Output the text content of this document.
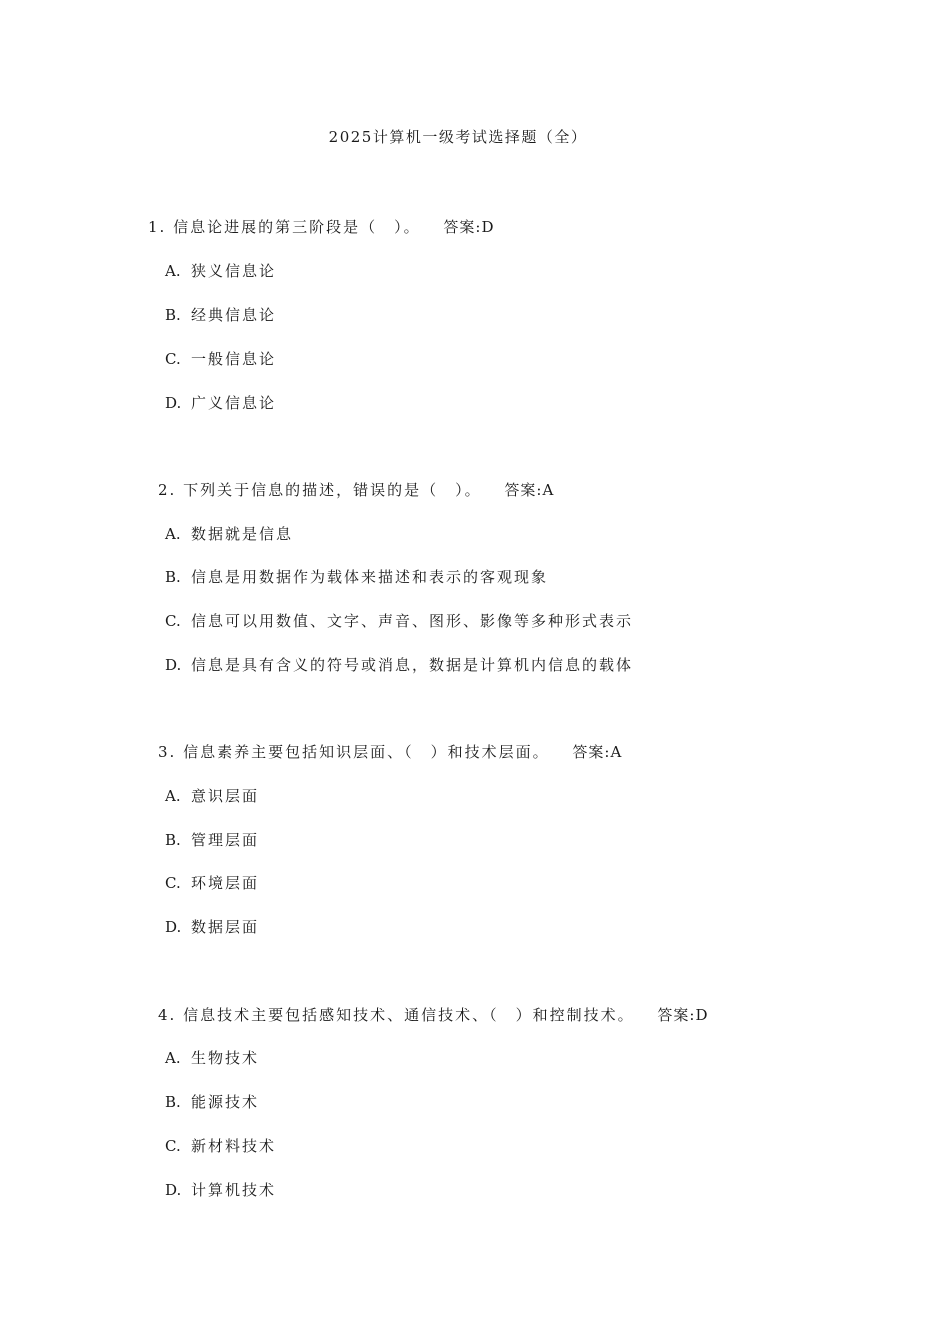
2025计算机一级考试选择题（全）
1. 信息论进展的第三阶段是（　）。 答案:D
A. 狭义信息论
B. 经典信息论
C. 一般信息论
D. 广义信息论
2. 下列关于信息的描述，错误的是（　）。 答案:A
A. 数据就是信息
B. 信息是用数据作为载体来描述和表示的客观现象
C. 信息可以用数值、文字、声音、图形、影像等多种形式表示
D. 信息是具有含义的符号或消息，数据是计算机内信息的载体
3. 信息素养主要包括知识层面、（　）和技术层面。 答案:A
A. 意识层面
B. 管理层面
C. 环境层面
D. 数据层面
4. 信息技术主要包括感知技术、通信技术、（　）和控制技术。 答案:D
A. 生物技术
B. 能源技术
C. 新材料技术
D. 计算机技术
